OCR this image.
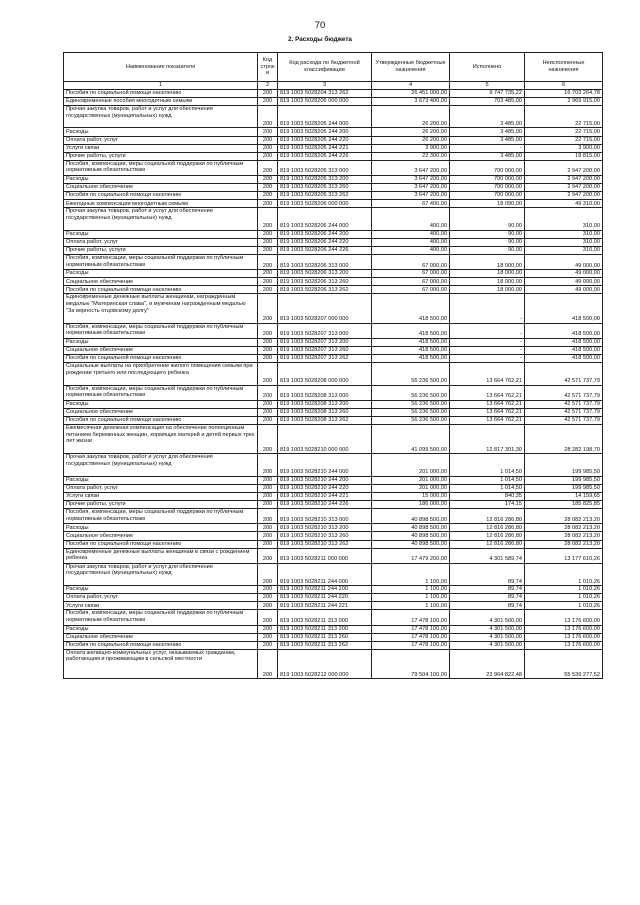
70
2. Расходы бюджета
Наименование показателя	Код строк и	Код расхода по бюджетной классификации	Утвержденные бюджетные назначения	Исполнено	Неисполненные назначения
1	2	3	4	5	6
Пособия по социальной помощи населению	200	819 1003 5028204 313 262	26 451 000,00	9 747 735,22	16 703 264,78
Единовременные пособия многодетным семьям	200	819 1003 5028205 000 000	3 673 400,00	703 485,00	2 969 915,00
Прочая закупка товаров, работ и услуг для обеспечения государственных (муниципальных) нужд	200	819 1003 5028205 244 000	26 200,00	3 485,00	22 715,00
Расходы	200	819 1003 5028205 244 200	26 200,00	3 485,00	22 715,00
Оплата работ, услуг	200	819 1003 5028205 244 220	26 200,00	3 485,00	22 715,00
Услуги связи	200	819 1003 5028205 244 221	3 900,00	-	3 900,00
Прочие работы, услуги	200	819 1003 5028205 244 226	22 300,00	3 485,00	18 815,00
Пособия, компенсации, меры социальной поддержки по публичным нормативным обязательствам	200	819 1003 5028205 313 000	3 647 200,00	700 000,00	2 947 200,00
Расходы	200	819 1003 5028205 313 200	3 647 200,00	700 000,00	2 947 200,00
Социальное обеспечение	200	819 1003 5028205 313 260	3 647 200,00	700 000,00	2 947 200,00
Пособия по социальной помощи населению	200	819 1003 5028205 313 262	3 647 200,00	700 000,00	2 947 200,00
Ежегодные компенсации многодетным семьям	200	819 1003 5028206 000 000	67 400,00	18 090,00	49 310,00
Прочая закупка товаров, работ и услуг для обеспечения государственных (муниципальных) нужд	200	819 1003 5028206 244 000	400,00	90,00	310,00
Расходы	200	819 1003 5028206 244 200	400,00	90,00	310,00
Оплата работ, услуг	200	819 1003 5028206 244 220	400,00	90,00	310,00
Прочие работы, услуги	200	819 1003 5028206 244 226	400,00	90,00	310,00
Пособия, компенсации, меры социальной поддержки по публичным нормативным обязательствам	200	819 1003 5028206 313 000	67 000,00	18 000,00	49 000,00
Расходы	200	819 1003 5028206 313 200	67 000,00	18 000,00	49 000,00
Социальное обеспечение	200	819 1003 5028206 313 260	67 000,00	18 000,00	49 000,00
Пособия по социальной помощи населению	200	819 1003 5028206 313 262	67 000,00	18 000,00	49 000,00
Единовременные денежные выплаты женщинам, награжденным медалью "Материнская слава", и мужчинам награжденным медалью "За верность отцовскому долгу"	200	819 1003 5028207 000 000	418 500,00	-	418 500,00
Пособия, компенсации, меры социальной поддержки по публичным нормативным обязательствам	200	819 1003 5028207 313 000	418 500,00	-	418 500,00
Расходы	200	819 1003 5028207 313 200	418 500,00	-	418 500,00
Социальное обеспечение	200	819 1003 5028207 313 260	418 500,00	-	418 500,00
Пособия по социальной помощи населению	200	819 1003 5028207 313 262	418 500,00	-	418 500,00
Социальные выплаты на приобретение жилого помещения семьям при рождении третьего или последующего ребенка	200	819 1003 5028208 000 000	56 236 500,00	13 664 762,21	42 571 737,79
Пособия, компенсации, меры социальной поддержки по публичным нормативным обязательствам	200	819 1003 5028208 313 000	56 236 500,00	13 664 762,21	42 571 737,79
Расходы	200	819 1003 5028208 313 200	56 236 500,00	13 664 762,21	42 571 737,79
Социальное обеспечение	200	819 1003 5028208 313 260	56 236 500,00	13 664 762,21	42 571 737,79
Пособия по социальной помощи населению	200	819 1003 5028208 313 262	56 236 500,00	13 664 762,21	42 571 737,79
Ежемесячная денежная компенсация на обеспечение полноценным питанием беременных женщин, кормящих матерей и детей первых трех лет жизни	200	819 1003 5028210 000 000	41 099 500,00	12 817 301,30	28 282 198,70
Прочая закупка товаров, работ и услуг для обеспечения государственных (муниципальных) нужд	200	819 1003 5028210 244 000	201 000,00	1 014,50	199 985,50
Расходы	200	819 1003 5028210 244 200	201 000,00	1 014,50	199 985,50
Оплата работ, услуг	200	819 1003 5028210 244 220	201 000,00	1 014,50	199 985,50
Услуги связи	200	819 1003 5028210 244 221	15 000,00	840,35	14 159,65
Прочие работы, услуги	200	819 1003 5028210 244 226	186 000,00	174,15	185 825,85
Пособия, компенсации, меры социальной поддержки по публичным нормативным обязательствам	200	819 1003 5028210 313 000	40 898 500,00	12 816 286,80	28 082 213,20
Расходы	200	819 1003 5028210 313 200	40 898 500,00	12 816 286,80	28 082 213,20
Социальное обеспечение	200	819 1003 5028210 313 260	40 898 500,00	12 816 286,80	28 082 213,20
Пособия по социальной помощи населению	200	819 1003 5028210 313 262	40 898 500,00	12 816 286,80	28 082 213,20
Единовременные денежные выплаты женщинам в связи с рождением ребенка	200	819 1003 5028211 000 000	17 479 200,00	4 301 589,74	13 177 610,26
Прочая закупка товаров, работ и услуг для обеспечения государственных (муниципальных) нужд	200	819 1003 5028211 244 000	1 100,00	89,74	1 010,26
Расходы	200	819 1003 5028211 244 200	1 100,00	89,74	1 010,26
Оплата работ, услуг	200	819 1003 5028211 244 220	1 100,00	89,74	1 010,26
Услуги связи	200	819 1003 5028211 244 221	1 100,00	89,74	1 010,26
Пособия, компенсации, меры социальной поддержки по публичным нормативным обязательствам	200	819 1003 5028211 313 000	17 478 100,00	4 301 500,00	13 176 600,00
Расходы	200	819 1003 5028211 313 200	17 478 100,00	4 301 500,00	13 176 600,00
Социальное обеспечение	200	819 1003 5028211 313 260	17 478 100,00	4 301 500,00	13 176 600,00
Пособия по социальной помощи населению	200	819 1003 5028211 313 262	17 478 100,00	4 301 500,00	13 176 600,00
Оплата жилищно-коммунальных услуг, оказываемых гражданам, работающим и проживающим в сельской местности	200	819 1003 5028212 000 000	79 504 100,00	23 964 822,48	55 539 277,52
